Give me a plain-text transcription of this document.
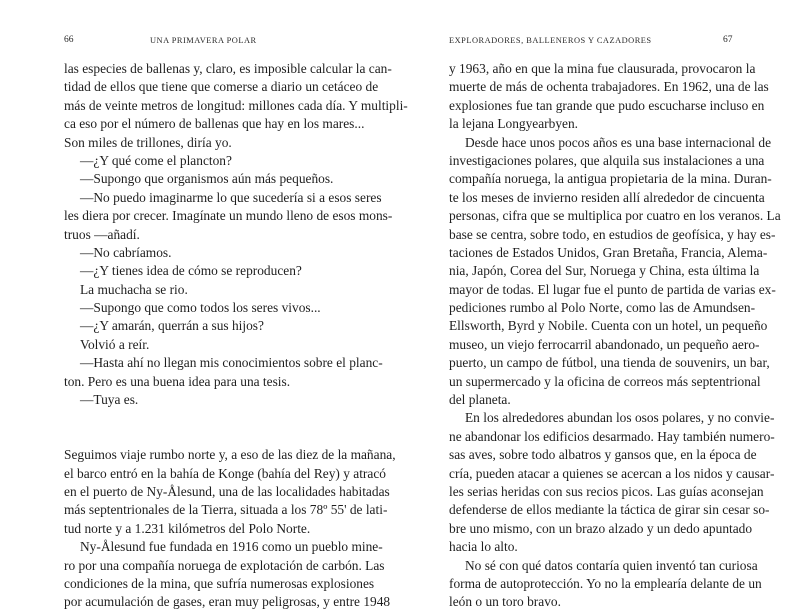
66	UNA PRIMAVERA POLAR
las especies de ballenas y, claro, es imposible calcular la can-
tidad de ellos que tiene que comerse a diario un cetáceo de
más de veinte metros de longitud: millones cada día. Y multipli-
ca eso por el número de ballenas que hay en los mares...
Son miles de trillones, diría yo.
—¿Y qué come el plancton?
—Supongo que organismos aún más pequeños.
—No puedo imaginarme lo que sucedería si a esos seres
les diera por crecer. Imagínate un mundo lleno de esos mons-
truos —añadí.
—No cabríamos.
—¿Y tienes idea de cómo se reproducen?
La muchacha se rio.
—Supongo que como todos los seres vivos...
—¿Y amarán, querrán a sus hijos?
Volvió a reír.
—Hasta ahí no llegan mis conocimientos sobre el planc-
ton. Pero es una buena idea para una tesis.
—Tuya es.
Seguimos viaje rumbo norte y, a eso de las diez de la mañana,
el barco entró en la bahía de Konge (bahía del Rey) y atracó
en el puerto de Ny-Ålesund, una de las localidades habitadas
más septentrionales de la Tierra, situada a los 78º 55' de lati-
tud norte y a 1.231 kilómetros del Polo Norte.
Ny-Ålesund fue fundada en 1916 como un pueblo mine-
ro por una compañía noruega de explotación de carbón. Las
condiciones de la mina, que sufría numerosas explosiones
por acumulación de gases, eran muy peligrosas, y entre 1948
EXPLORADORES, BALLENEROS Y CAZADORES	67
y 1963, año en que la mina fue clausurada, provocaron la
muerte de más de ochenta trabajadores. En 1962, una de las
explosiones fue tan grande que pudo escucharse incluso en
la lejana Longyearbyen.
Desde hace unos pocos años es una base internacional de
investigaciones polares, que alquila sus instalaciones a una
compañía noruega, la antigua propietaria de la mina. Duran-
te los meses de invierno residen allí alrededor de cincuenta
personas, cifra que se multiplica por cuatro en los veranos. La
base se centra, sobre todo, en estudios de geofísica, y hay es-
taciones de Estados Unidos, Gran Bretaña, Francia, Alema-
nia, Japón, Corea del Sur, Noruega y China, esta última la
mayor de todas. El lugar fue el punto de partida de varias ex-
pediciones rumbo al Polo Norte, como las de Amundsen-
Ellsworth, Byrd y Nobile. Cuenta con un hotel, un pequeño
museo, un viejo ferrocarril abandonado, un pequeño aero-
puerto, un campo de fútbol, una tienda de souvenirs, un bar,
un supermercado y la oficina de correos más septentrional
del planeta.
En los alrededores abundan los osos polares, y no convie-
ne abandonar los edificios desarmado. Hay también numero-
sas aves, sobre todo albatros y gansos que, en la época de
cría, pueden atacar a quienes se acercan a los nidos y causar-
les serias heridas con sus recios picos. Las guías aconsejan
defenderse de ellos mediante la táctica de girar sin cesar so-
bre uno mismo, con un brazo alzado y un dedo apuntado
hacia lo alto.
No sé con qué datos contaría quien inventó tan curiosa
forma de autoprotección. Yo no la emplearía delante de un
león o un toro bravo.
